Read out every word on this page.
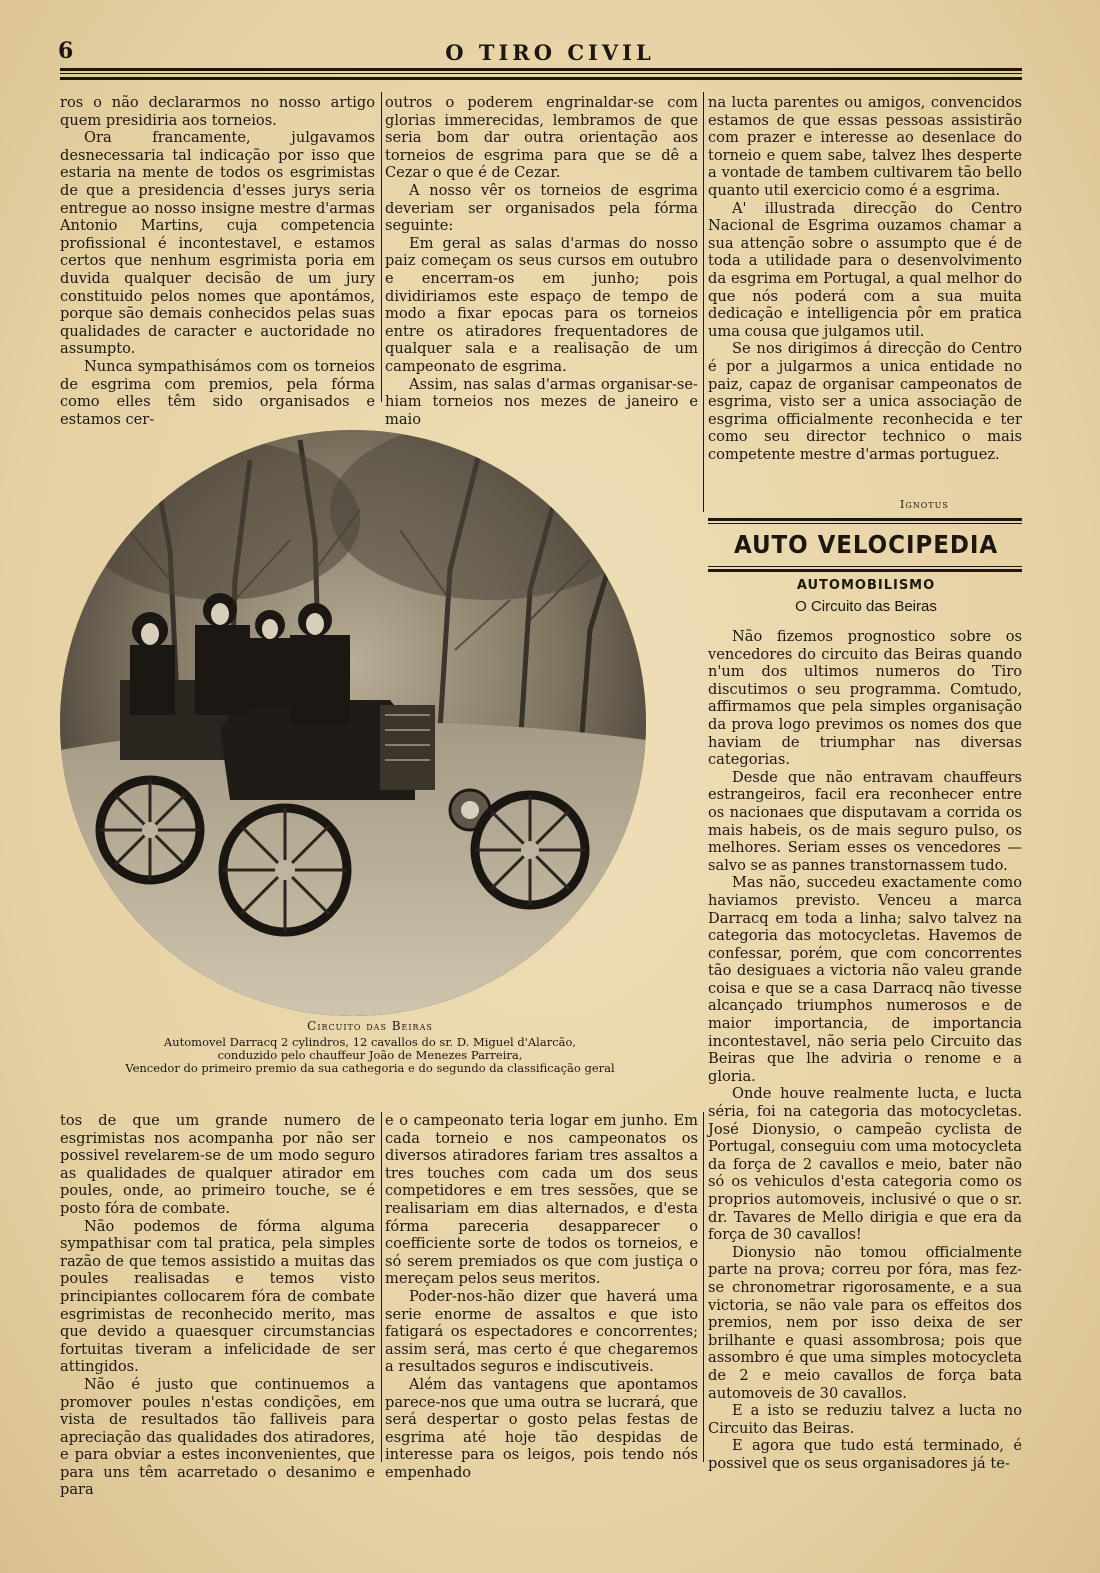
6	O TIRO CIVIL

ros o não declararmos no nosso artigo quem presidiria aos torneios.

Ora francamente, julgavamos desnecessaria tal indicação por isso que estaria na mente de todos os esgrimistas de que a presidencia d'esses jurys seria entregue ao nosso insigne mestre d'armas Antonio Martins, cuja competencia profissional é incontestavel, e estamos certos que nenhum esgrimista poria em duvida qualquer decisão de um jury constituido pelos nomes que apontámos, porque são demais conhecidos pelas suas qualidades de caracter e auctoridade no assumpto.

Nunca sympathisámos com os torneios de esgrima com premios, pela fórma como elles têm sido organisados e estamos cer-

outros o poderem engrinaldar-se com glorias immerecidas, lembramos de que seria bom dar outra orientação aos torneios de esgrima para que se dê a Cezar o que é de Cezar.

A nosso vêr os torneios de esgrima deveriam ser organisados pela fórma seguinte:

Em geral as salas d'armas do nosso paiz começam os seus cursos em outubro e encerram-os em junho; pois dividiriamos este espaço de tempo de modo a fixar epocas para os torneios entre os atiradores frequentadores de qualquer sala e a realisação de um campeonato de esgrima.

Assim, nas salas d'armas organisar-se-hiam torneios nos mezes de janeiro e maio

na lucta parentes ou amigos, convencidos estamos de que essas pessoas assistirão com prazer e interesse ao desenlace do torneio e quem sabe, talvez lhes desperte a vontade de tambem cultivarem tão bello quanto util exercicio como é a esgrima.

A' illustrada direcção do Centro Nacional de Esgrima ouzamos chamar a sua attenção sobre o assumpto que é de toda a utilidade para o desenvolvimento da esgrima em Portugal, a qual melhor do que nós poderá com a sua muita dedicação e intelligencia pôr em pratica uma cousa que julgamos util.

Se nos dirigimos á direcção do Centro é por a julgarmos a unica entidade no paiz, capaz de organisar campeonatos de esgrima, visto ser a unica associação de esgrima officialmente reconhecida e ter como seu director technico o mais competente mestre d'armas portuguez.

Ignotus
AUTO VELOCIPEDIA
AUTOMOBILISMO
O Circuito das Beiras

Não fizemos prognostico sobre os vencedores do circuito das Beiras quando n'um dos ultimos numeros do Tiro discutimos o seu programma. Comtudo, affirmamos que pela simples organisação da prova logo previmos os nomes dos que haviam de triumphar nas diversas categorias.

Desde que não entravam chauffeurs estrangeiros, facil era reconhecer entre os nacionaes que disputavam a corrida os mais habeis, os de mais seguro pulso, os melhores. Seriam esses os vencedores — salvo se as pannes transtornassem tudo.

Mas não, succedeu exactamente como haviamos previsto. Venceu a marca Darracq em toda a linha; salvo talvez na categoria das motocycletas. Havemos de confessar, porém, que com concorrentes tão desiguaes a victoria não valeu grande coisa e que se a casa Darracq não tivesse alcançado triumphos numerosos e de maior importancia, de importancia incontestavel, não seria pelo Circuito das Beiras que lhe adviria o renome e a gloria.

Onde houve realmente lucta, e lucta séria, foi na categoria das motocycletas. José Dionysio, o campeão cyclista de Portugal, conseguiu com uma motocycleta da força de 2 cavallos e meio, bater não só os vehiculos d'esta categoria como os proprios automoveis, inclusivé o que o sr. dr. Tavares de Mello dirigia e que era da força de 30 cavallos!

Dionysio não tomou officialmente parte na prova; correu por fóra, mas fez-se chronometrar rigorosamente, e a sua victoria, se não vale para os effeitos dos premios, nem por isso deixa de ser brilhante e quasi assombrosa; pois que assombro é que uma simples motocycleta de 2 e meio cavallos de força bata automoveis de 30 cavallos.

E a isto se reduziu talvez a lucta no Circuito das Beiras.

E agora que tudo está terminado, é possivel que os seus organisadores já te-

Circuito das Beiras
Automovel Darracq 2 cylindros, 12 cavallos do sr. D. Miguel d'Alarcão,
conduzido pelo chauffeur João de Menezes Parreira,
Vencedor do primeiro premio da sua cathegoria e do segundo da classificação geral

tos de que um grande numero de esgrimistas nos acompanha por não ser possivel revelarem-se de um modo seguro as qualidades de qualquer atirador em poules, onde, ao primeiro touche, se é posto fóra de combate.

Não podemos de fórma alguma sympathisar com tal pratica, pela simples razão de que temos assistido a muitas das poules realisadas e temos visto principiantes collocarem fóra de combate esgrimistas de reconhecido merito, mas que devido a quaesquer circumstancias fortuitas tiveram a infelicidade de ser attingidos.

Não é justo que continuemos a promover poules n'estas condições, em vista de resultados tão falliveis para apreciação das qualidades dos atiradores, e para obviar a estes inconvenientes, que para uns têm acarretado o desanimo e para

e o campeonato teria logar em junho. Em cada torneio e nos campeonatos os diversos atiradores fariam tres assaltos a tres touches com cada um dos seus competidores e em tres sessões, que se realisariam em dias alternados, e d'esta fórma pareceria desapparecer o coefficiente sorte de todos os torneios, e só serem premiados os que com justiça o mereçam pelos seus meritos.

Poder-nos-hão dizer que haverá uma serie enorme de assaltos e que isto fatigará os espectadores e concorrentes; assim será, mas certo é que chegaremos a resultados seguros e indiscutiveis.

Além das vantagens que apontamos parece-nos que uma outra se lucrará, que será despertar o gosto pelas festas de esgrima até hoje tão despidas de interesse para os leigos, pois tendo nós empenhado
